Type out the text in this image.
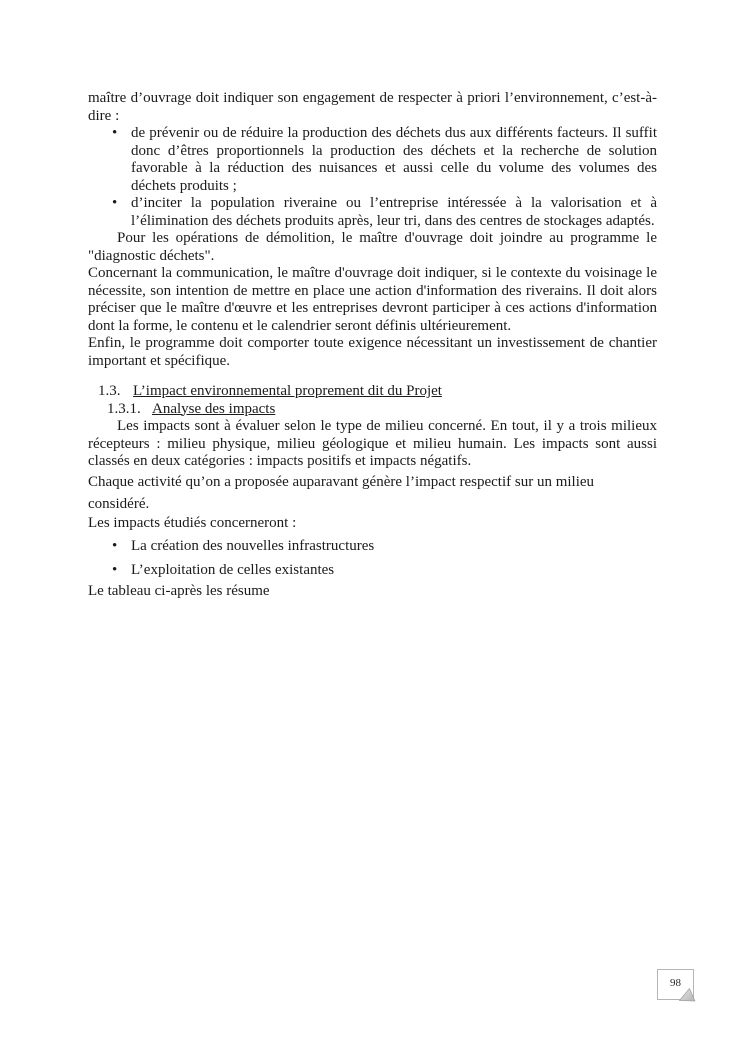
maître d’ouvrage doit indiquer son engagement de respecter à priori l’environnement, c’est-à-
dire :

• de prévenir ou de réduire la production des déchets dus aux différents facteurs. Il suffit donc d’êtres proportionnels la production des déchets et la recherche de solution favorable à la réduction des nuisances et aussi celle du volume des volumes des déchets produits ;
• d’inciter la population riveraine ou l’entreprise intéressée à la valorisation et à l’élimination des déchets produits après, leur tri, dans des centres de stockages adaptés.

Pour les opérations de démolition, le maître d'ouvrage doit joindre au programme le "diagnostic déchets".

Concernant la communication, le maître d'ouvrage doit indiquer, si le contexte du voisinage le nécessite, son intention de mettre en place une action d'information des riverains. Il doit alors préciser que le maître d'œuvre et les entreprises devront participer à ces actions d'information dont la forme, le contenu et le calendrier seront définis ultérieurement.

Enfin, le programme doit comporter toute exigence nécessitant un investissement de chantier important et spécifique.

1.3. L’impact environnemental proprement dit du Projet

1.3.1. Analyse des impacts

Les impacts sont à évaluer selon le type de milieu concerné. En tout, il y a trois milieux récepteurs : milieu physique, milieu géologique et milieu humain. Les impacts sont aussi classés en deux catégories : impacts positifs et impacts négatifs.

Chaque activité qu’on a proposée auparavant génère l’impact respectif sur un milieu
considéré.

Les impacts étudiés concerneront :

• La création des nouvelles infrastructures
• L’exploitation de celles existantes

Le tableau ci-après les résume

98
